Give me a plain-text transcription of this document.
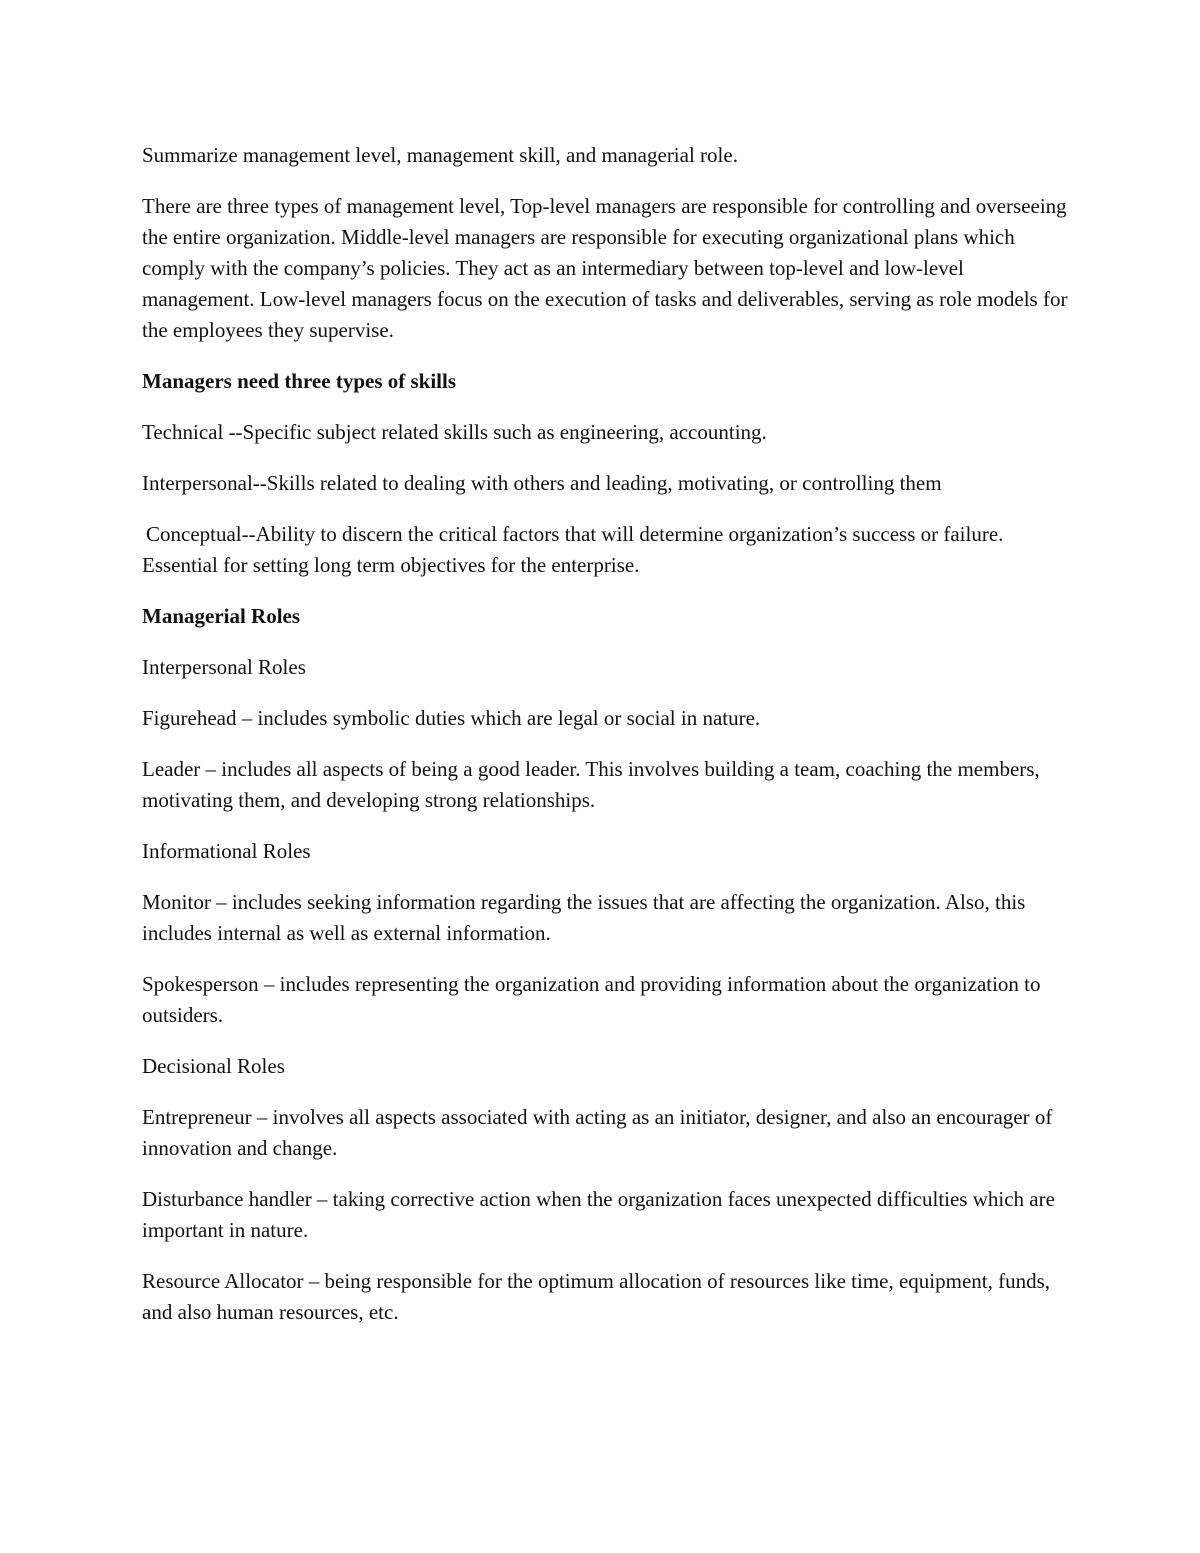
Summarize management level, management skill, and managerial role.

There are three types of management level, Top-level managers are responsible for controlling and overseeing the entire organization. Middle-level managers are responsible for executing organizational plans which comply with the company’s policies. They act as an intermediary between top-level and low-level management. Low-level managers focus on the execution of tasks and deliverables, serving as role models for the employees they supervise.

Managers need three types of skills

Technical --Specific subject related skills such as engineering, accounting.

Interpersonal--Skills related to dealing with others and leading, motivating, or controlling them

Conceptual--Ability to discern the critical factors that will determine organization’s success or failure. Essential for setting long term objectives for the enterprise.

Managerial Roles

Interpersonal Roles

Figurehead – includes symbolic duties which are legal or social in nature.

Leader – includes all aspects of being a good leader. This involves building a team, coaching the members, motivating them, and developing strong relationships.

Informational Roles

Monitor – includes seeking information regarding the issues that are affecting the organization. Also, this includes internal as well as external information.

Spokesperson – includes representing the organization and providing information about the organization to outsiders.

Decisional Roles

Entrepreneur – involves all aspects associated with acting as an initiator, designer, and also an encourager of innovation and change.

Disturbance handler – taking corrective action when the organization faces unexpected difficulties which are important in nature.

Resource Allocator – being responsible for the optimum allocation of resources like time, equipment, funds, and also human resources, etc.
